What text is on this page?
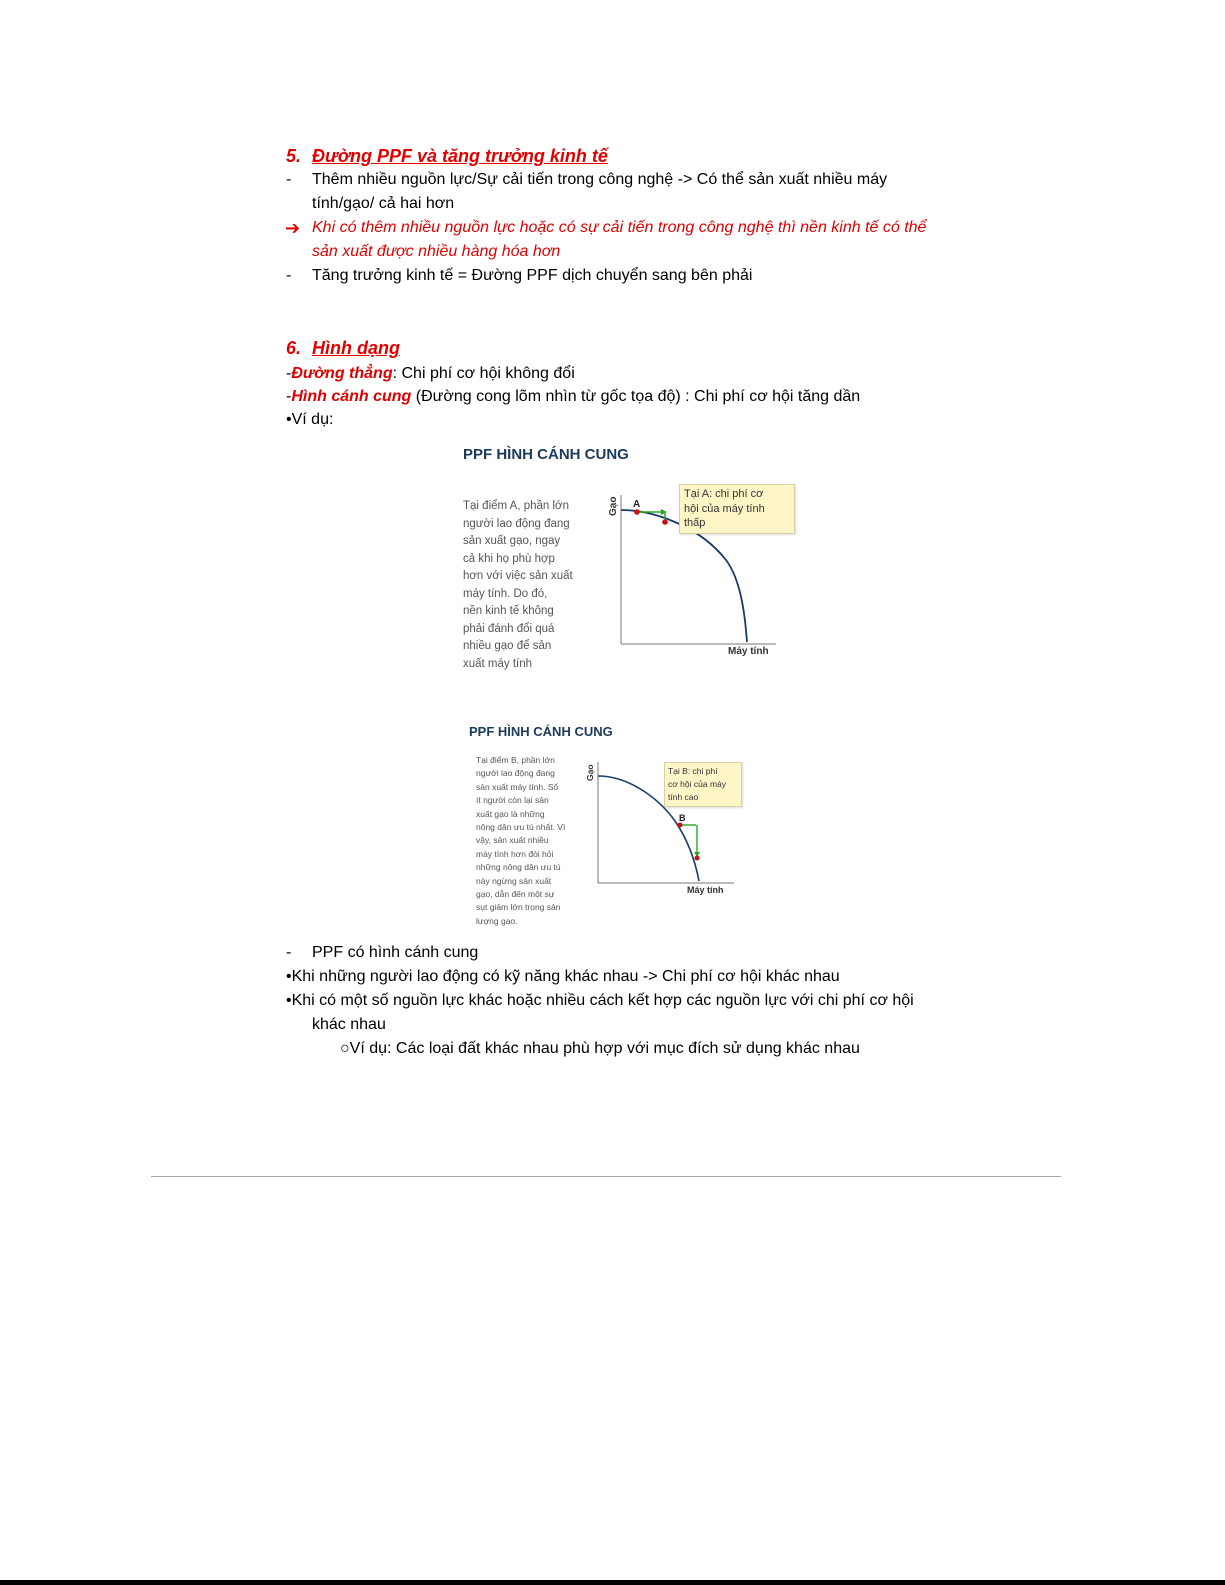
5. Đường PPF và tăng trưởng kinh tế
- Thêm nhiều nguồn lực/Sự cải tiến trong công nghệ -> Có thể sản xuất nhiều máy
tính/gạo/ cả hai hơn
➔ Khi có thêm nhiều nguồn lực hoặc có sự cải tiến trong công nghệ thì nền kinh tế có thể
sản xuất được nhiều hàng hóa hơn
- Tăng trưởng kinh tế = Đường PPF dịch chuyển sang bên phải
6. Hình dạng
-Đường thẳng: Chi phí cơ hội không đổi
-Hình cánh cung (Đường cong lõm nhìn từ gốc tọa độ) : Chi phí cơ hội tăng dần
•Ví dụ:
PPF HÌNH CÁNH CUNG
Tại điểm A, phần lớn
người lao động đang
sản xuất gạo, ngay
cả khi họ phù hợp
hơn với việc sản xuất
máy tính. Do đó,
nền kinh tế không
phải đánh đổi quá
nhiều gạo để sản
xuất máy tính
A
Gạo
Máy tính
Tại A: chi phí cơ
hội của máy tính
thấp
PPF HÌNH CÁNH CUNG
Tại điểm B, phần lớn
người lao động đang
sản xuất máy tính. Số
ít người còn lại sản
xuất gạo là những
nông dân ưu tú nhất. Vì
vậy, sản xuất nhiều
máy tính hơn đòi hỏi
những nông dân ưu tú
này ngừng sản xuất
gạo, dẫn đến một sự
sụt giảm lớn trong sản
lượng gạo.
B
Gạo
Máy tính
Tại B: chi phí
cơ hội của máy
tính cao
- PPF có hình cánh cung
•Khi những người lao động có kỹ năng khác nhau -> Chi phí cơ hội khác nhau
•Khi có một số nguồn lực khác hoặc nhiều cách kết hợp các nguồn lực với chi phí cơ hội
khác nhau
○Ví dụ: Các loại đất khác nhau phù hợp với mục đích sử dụng khác nhau
